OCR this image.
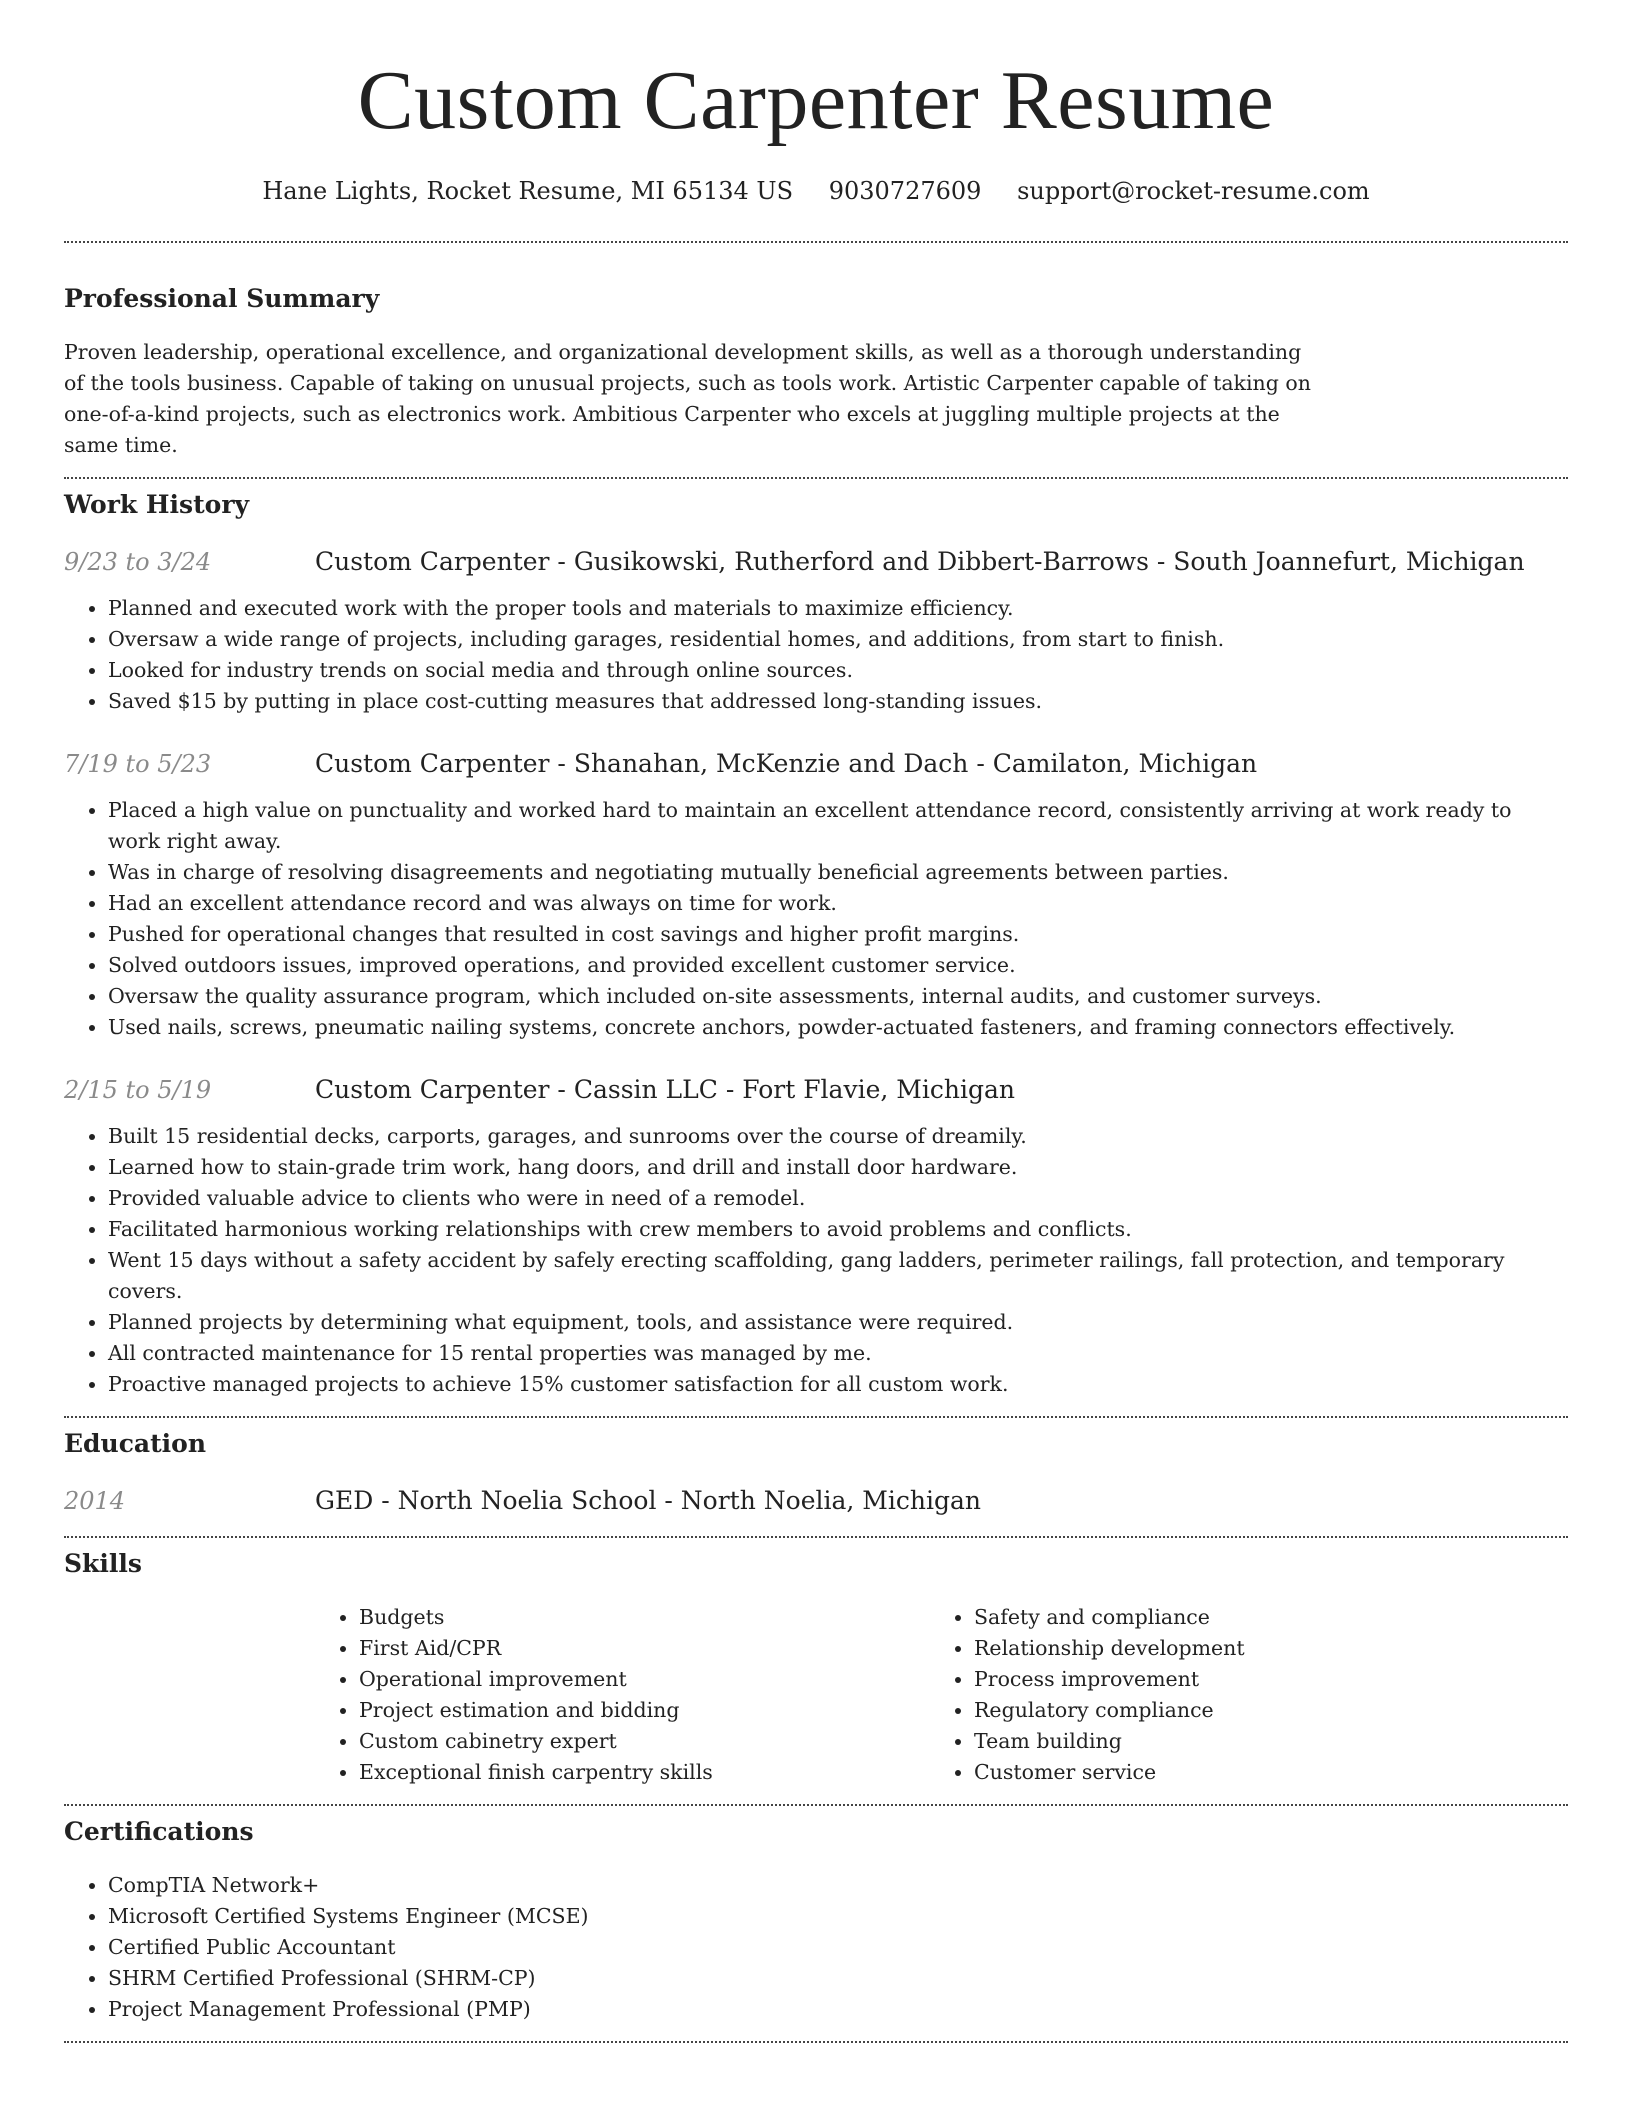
Custom Carpenter Resume
Hane Lights, Rocket Resume, MI 65134 US 9030727609 support@rocket-resume.com
Professional Summary

Proven leadership, operational excellence, and organizational development skills, as well as a thorough understanding of the tools business. Capable of taking on unusual projects, such as tools work. Artistic Carpenter capable of taking on one-of-a-kind projects, such as electronics work. Ambitious Carpenter who excels at juggling multiple projects at the same time.

Work History
9/23 to 3/24	Custom Carpenter - Gusikowski, Rutherford and Dibbert-Barrows - South Joannefurt, Michigan
• Planned and executed work with the proper tools and materials to maximize efficiency.
• Oversaw a wide range of projects, including garages, residential homes, and additions, from start to finish.
• Looked for industry trends on social media and through online sources.
• Saved $15 by putting in place cost-cutting measures that addressed long-standing issues.
7/19 to 5/23	Custom Carpenter - Shanahan, McKenzie and Dach - Camilaton, Michigan
• Placed a high value on punctuality and worked hard to maintain an excellent attendance record, consistently arriving at work ready to work right away.
• Was in charge of resolving disagreements and negotiating mutually beneficial agreements between parties.
• Had an excellent attendance record and was always on time for work.
• Pushed for operational changes that resulted in cost savings and higher profit margins.
• Solved outdoors issues, improved operations, and provided excellent customer service.
• Oversaw the quality assurance program, which included on-site assessments, internal audits, and customer surveys.
• Used nails, screws, pneumatic nailing systems, concrete anchors, powder-actuated fasteners, and framing connectors effectively.
2/15 to 5/19	Custom Carpenter - Cassin LLC - Fort Flavie, Michigan
• Built 15 residential decks, carports, garages, and sunrooms over the course of dreamily.
• Learned how to stain-grade trim work, hang doors, and drill and install door hardware.
• Provided valuable advice to clients who were in need of a remodel.
• Facilitated harmonious working relationships with crew members to avoid problems and conflicts.
• Went 15 days without a safety accident by safely erecting scaffolding, gang ladders, perimeter railings, fall protection, and temporary covers.
• Planned projects by determining what equipment, tools, and assistance were required.
• All contracted maintenance for 15 rental properties was managed by me.
• Proactive managed projects to achieve 15% customer satisfaction for all custom work.
Education
2014	GED - North Noelia School - North Noelia, Michigan
Skills
• Budgets
• First Aid/CPR
• Operational improvement
• Project estimation and bidding
• Custom cabinetry expert
• Exceptional finish carpentry skills
• Safety and compliance
• Relationship development
• Process improvement
• Regulatory compliance
• Team building
• Customer service
Certifications
• CompTIA Network+
• Microsoft Certified Systems Engineer (MCSE)
• Certified Public Accountant
• SHRM Certified Professional (SHRM-CP)
• Project Management Professional (PMP)
